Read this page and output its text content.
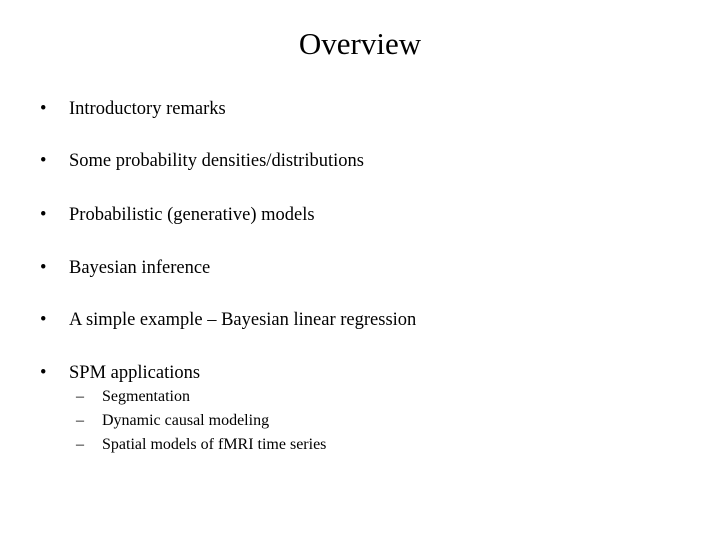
Overview
• Introductory remarks
• Some probability densities/distributions
• Probabilistic (generative) models
• Bayesian inference
• A simple example – Bayesian linear regression
• SPM applications
– Segmentation
– Dynamic causal modeling
– Spatial models of fMRI time series
